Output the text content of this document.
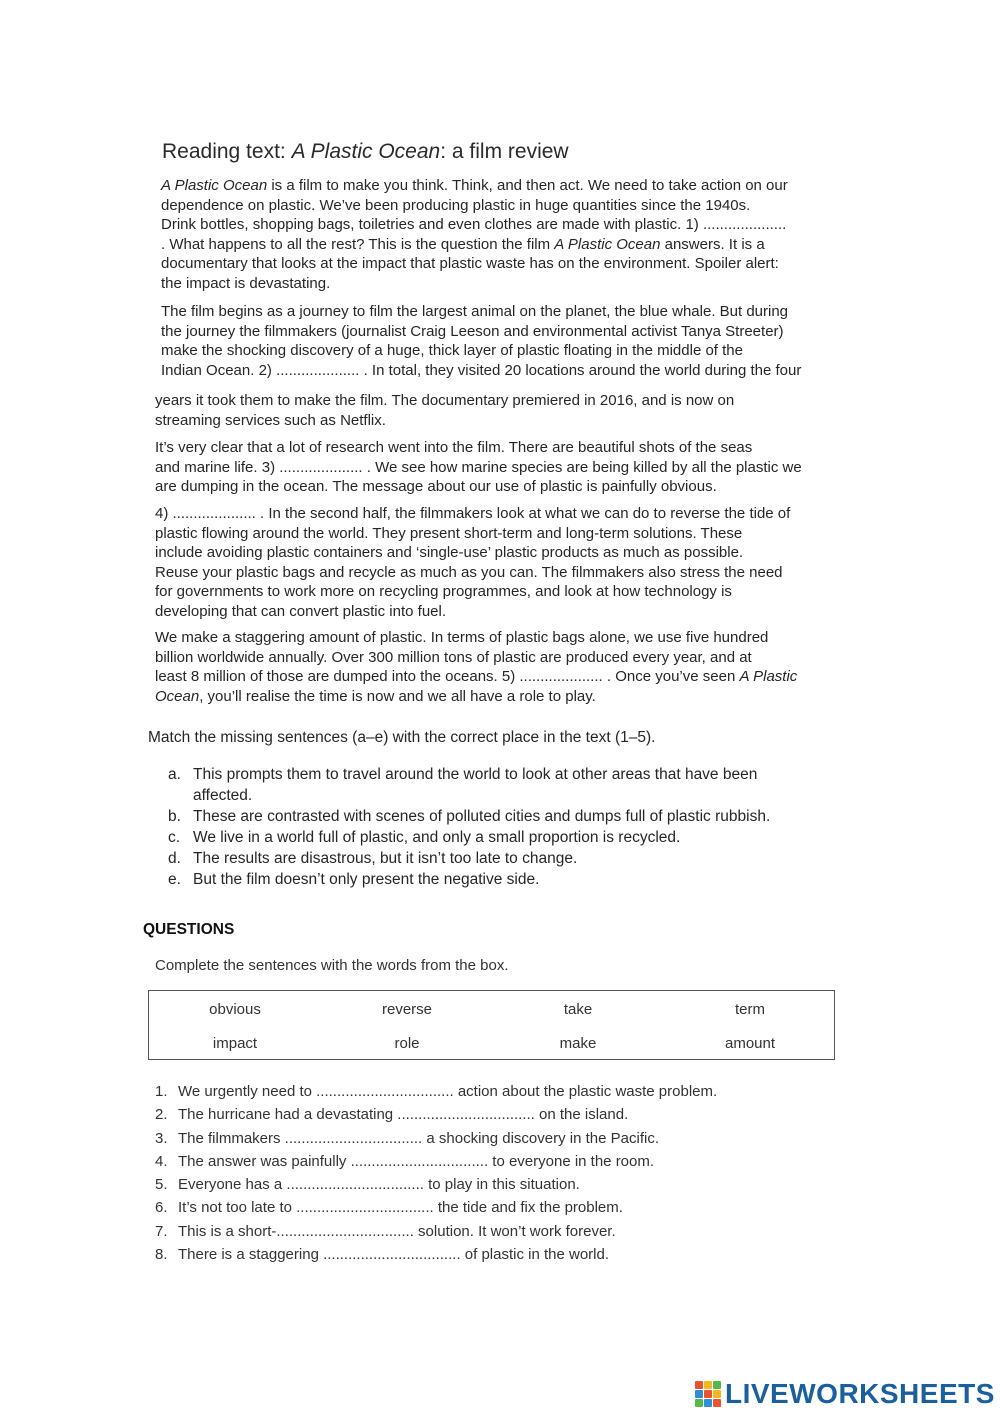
Reading text: A Plastic Ocean: a film review
A Plastic Ocean is a film to make you think. Think, and then act. We need to take action on our
dependence on plastic. We’ve been producing plastic in huge quantities since the 1940s.
Drink bottles, shopping bags, toiletries and even clothes are made with plastic. 1) ....................
. What happens to all the rest? This is the question the film A Plastic Ocean answers. It is a
documentary that looks at the impact that plastic waste has on the environment. Spoiler alert:
the impact is devastating.
The film begins as a journey to film the largest animal on the planet, the blue whale. But during
the journey the filmmakers (journalist Craig Leeson and environmental activist Tanya Streeter)
make the shocking discovery of a huge, thick layer of plastic floating in the middle of the
Indian Ocean. 2) .................... . In total, they visited 20 locations around the world during the four
years it took them to make the film. The documentary premiered in 2016, and is now on
streaming services such as Netflix.
It’s very clear that a lot of research went into the film. There are beautiful shots of the seas
and marine life. 3) .................... . We see how marine species are being killed by all the plastic we
are dumping in the ocean. The message about our use of plastic is painfully obvious.
4) .................... . In the second half, the filmmakers look at what we can do to reverse the tide of
plastic flowing around the world. They present short-term and long-term solutions. These
include avoiding plastic containers and ‘single-use’ plastic products as much as possible.
Reuse your plastic bags and recycle as much as you can. The filmmakers also stress the need
for governments to work more on recycling programmes, and look at how technology is
developing that can convert plastic into fuel.
We make a staggering amount of plastic. In terms of plastic bags alone, we use five hundred
billion worldwide annually. Over 300 million tons of plastic are produced every year, and at
least 8 million of those are dumped into the oceans. 5) .................... . Once you’ve seen A Plastic
Ocean, you’ll realise the time is now and we all have a role to play.
Match the missing sentences (a–e) with the correct place in the text (1–5).
a. This prompts them to travel around the world to look at other areas that have been
affected.
b. These are contrasted with scenes of polluted cities and dumps full of plastic rubbish.
c. We live in a world full of plastic, and only a small proportion is recycled.
d. The results are disastrous, but it isn’t too late to change.
e. But the film doesn’t only present the negative side.
QUESTIONS
Complete the sentences with the words from the box.
obvious	reverse	take	term
impact	role	make	amount
1. We urgently need to ................................. action about the plastic waste problem.
2. The hurricane had a devastating ................................. on the island.
3. The filmmakers ................................. a shocking discovery in the Pacific.
4. The answer was painfully ................................. to everyone in the room.
5. Everyone has a ................................. to play in this situation.
6. It’s not too late to ................................. the tide and fix the problem.
7. This is a short-................................. solution. It won’t work forever.
8. There is a staggering ................................. of plastic in the world.
LIVEWORKSHEETS
